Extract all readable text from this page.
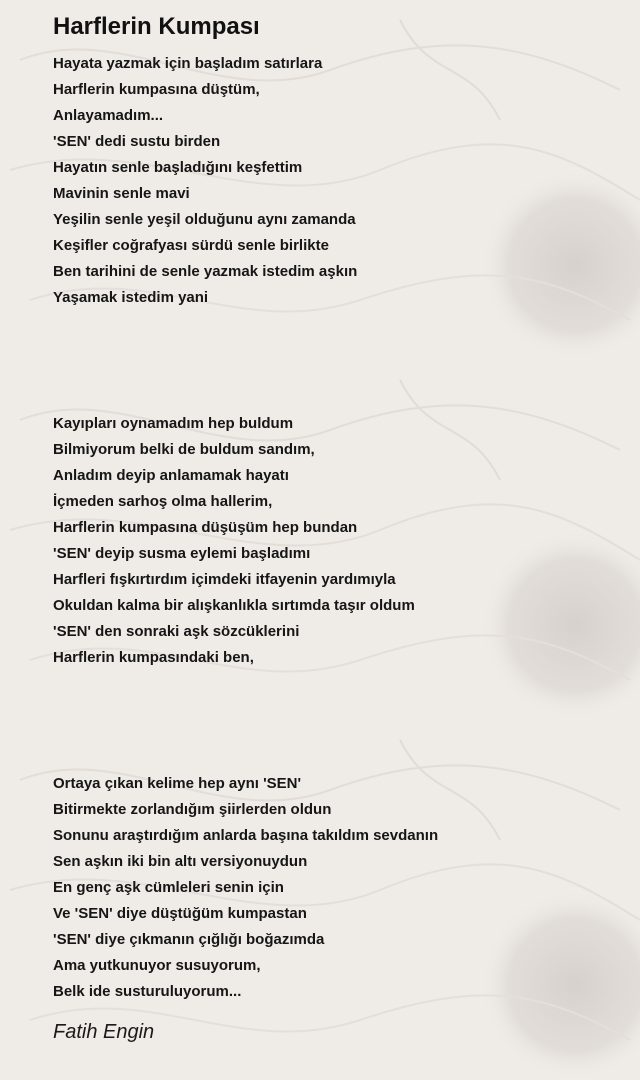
Harflerin Kumpası
Hayata yazmak için başladım satırlara
Harflerin kumpasına düştüm,
Anlayamadım...
'SEN' dedi sustu birden
Hayatın senle başladığını keşfettim
Mavinin senle mavi
Yeşilin senle yeşil olduğunu aynı zamanda
Keşifler coğrafyası sürdü senle birlikte
Ben tarihini de senle yazmak istedim aşkın
Yaşamak istedim yani
Kayıpları oynamadım hep buldum
Bilmiyorum belki de buldum sandım,
Anladım deyip anlamamak hayatı
İçmeden sarhoş olma hallerim,
Harflerin kumpasına düşüşüm hep bundan
'SEN' deyip susma eylemi başladımı
Harfleri fışkırtırdım içimdeki itfayenin yardımıyla
Okuldan kalma bir alışkanlıkla sırtımda taşır oldum
'SEN' den sonraki aşk sözcüklerini
Harflerin kumpasındaki ben,
Ortaya çıkan kelime hep aynı 'SEN'
Bitirmekte zorlandığım şiirlerden oldun
Sonunu araştırdığım anlarda başına takıldım sevdanın
Sen aşkın iki bin altı versiyonuydun
En genç aşk cümleleri senin için
Ve 'SEN' diye düştüğüm kumpastan
'SEN' diye çıkmanın çığlığı boğazımda
Ama yutkunuyor susuyorum,
Belk ide susturuluyorum...

Fatih Engin
